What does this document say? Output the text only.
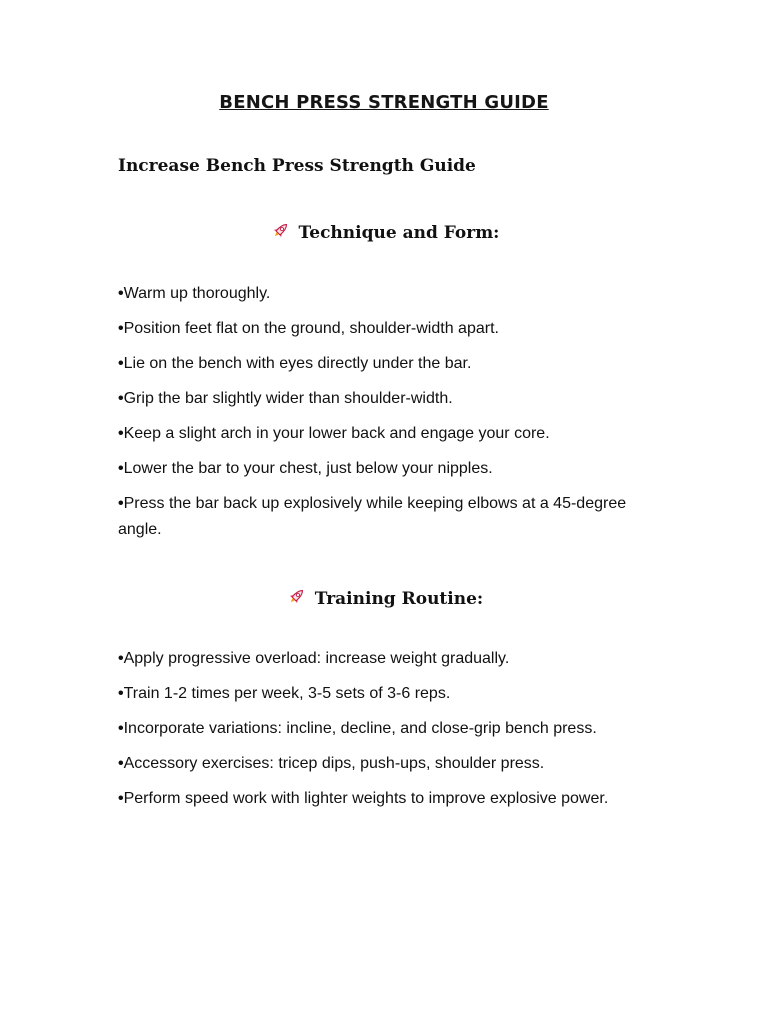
BENCH PRESS STRENGTH GUIDE
Increase Bench Press Strength Guide
Technique and Form:
•Warm up thoroughly.
•Position feet flat on the ground, shoulder-width apart.
•Lie on the bench with eyes directly under the bar.
•Grip the bar slightly wider than shoulder-width.
•Keep a slight arch in your lower back and engage your core.
•Lower the bar to your chest, just below your nipples.
•Press the bar back up explosively while keeping elbows at a 45-degree angle.
Training Routine:
•Apply progressive overload: increase weight gradually.
•Train 1-2 times per week, 3-5 sets of 3-6 reps.
•Incorporate variations: incline, decline, and close-grip bench press.
•Accessory exercises: tricep dips, push-ups, shoulder press.
•Perform speed work with lighter weights to improve explosive power.
